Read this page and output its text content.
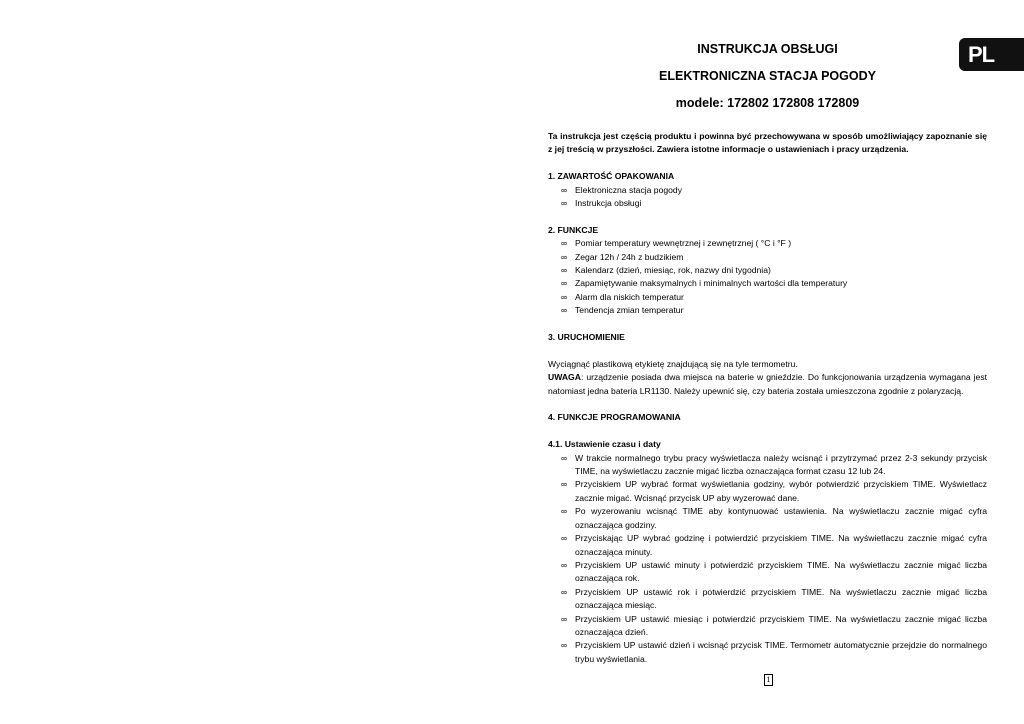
INSTRUKCJA OBSŁUGI
ELEKTRONICZNA STACJA POGODY
modele: 172802 172808 172809
PL
Ta instrukcja jest częścią produktu i powinna być przechowywana w sposób umożliwiający zapoznanie się z jej treścią w przyszłości. Zawiera istotne informacje o ustawieniach i pracy urządzenia.
1. ZAWARTOŚĆ OPAKOWANIA
∞ Elektroniczna stacja pogody
∞ Instrukcja obsługi
2. FUNKCJE
∞ Pomiar temperatury wewnętrznej i zewnętrznej ( °C i °F )
∞ Zegar 12h / 24h z budzikiem
∞ Kalendarz (dzień, miesiąc, rok, nazwy dni tygodnia)
∞ Zapamiętywanie maksymalnych i minimalnych wartości dla temperatury
∞ Alarm dla niskich temperatur
∞ Tendencja zmian temperatur
3. URUCHOMIENIE
Wyciągnąć plastikową etykietę znajdującą się na tyle termometru.
UWAGA: urządzenie posiada dwa miejsca na baterie w gnieździe. Do funkcjonowania urządzenia wymagana jest natomiast jedna bateria LR1130. Należy upewnić się, czy bateria została umieszczona zgodnie z polaryzacją.
4. FUNKCJE PROGRAMOWANIA
4.1. Ustawienie czasu i daty
∞ W trakcie normalnego trybu pracy wyświetlacza należy wcisnąć i przytrzymać przez 2-3 sekundy przycisk TIME, na wyświetlaczu zacznie migać liczba oznaczająca format czasu 12 lub 24.
∞ Przyciskiem UP wybrać format wyświetlania godziny, wybór potwierdzić przyciskiem TIME. Wyświetlacz zacznie migać. Wcisnąć przycisk UP aby wyzerować dane.
∞ Po wyzerowaniu wcisnąć TIME aby kontynuować ustawienia. Na wyświetlaczu zacznie migać cyfra oznaczająca godziny.
∞ Przyciskając UP wybrać godzinę i potwierdzić przyciskiem TIME. Na wyświetlaczu zacznie migać cyfra oznaczająca minuty.
∞ Przyciskiem UP ustawić minuty i potwierdzić przyciskiem TIME. Na wyświetlaczu zacznie migać liczba oznaczająca rok.
∞ Przyciskiem UP ustawić rok i potwierdzić przyciskiem TIME. Na wyświetlaczu zacznie migać liczba oznaczająca miesiąc.
∞ Przyciskiem UP ustawić miesiąc i potwierdzić przyciskiem TIME. Na wyświetlaczu zacznie migać liczba oznaczająca dzień.
∞ Przyciskiem UP ustawić dzień i wcisnąć przycisk TIME. Termometr automatycznie przejdzie do normalnego trybu wyświetlania.
1
